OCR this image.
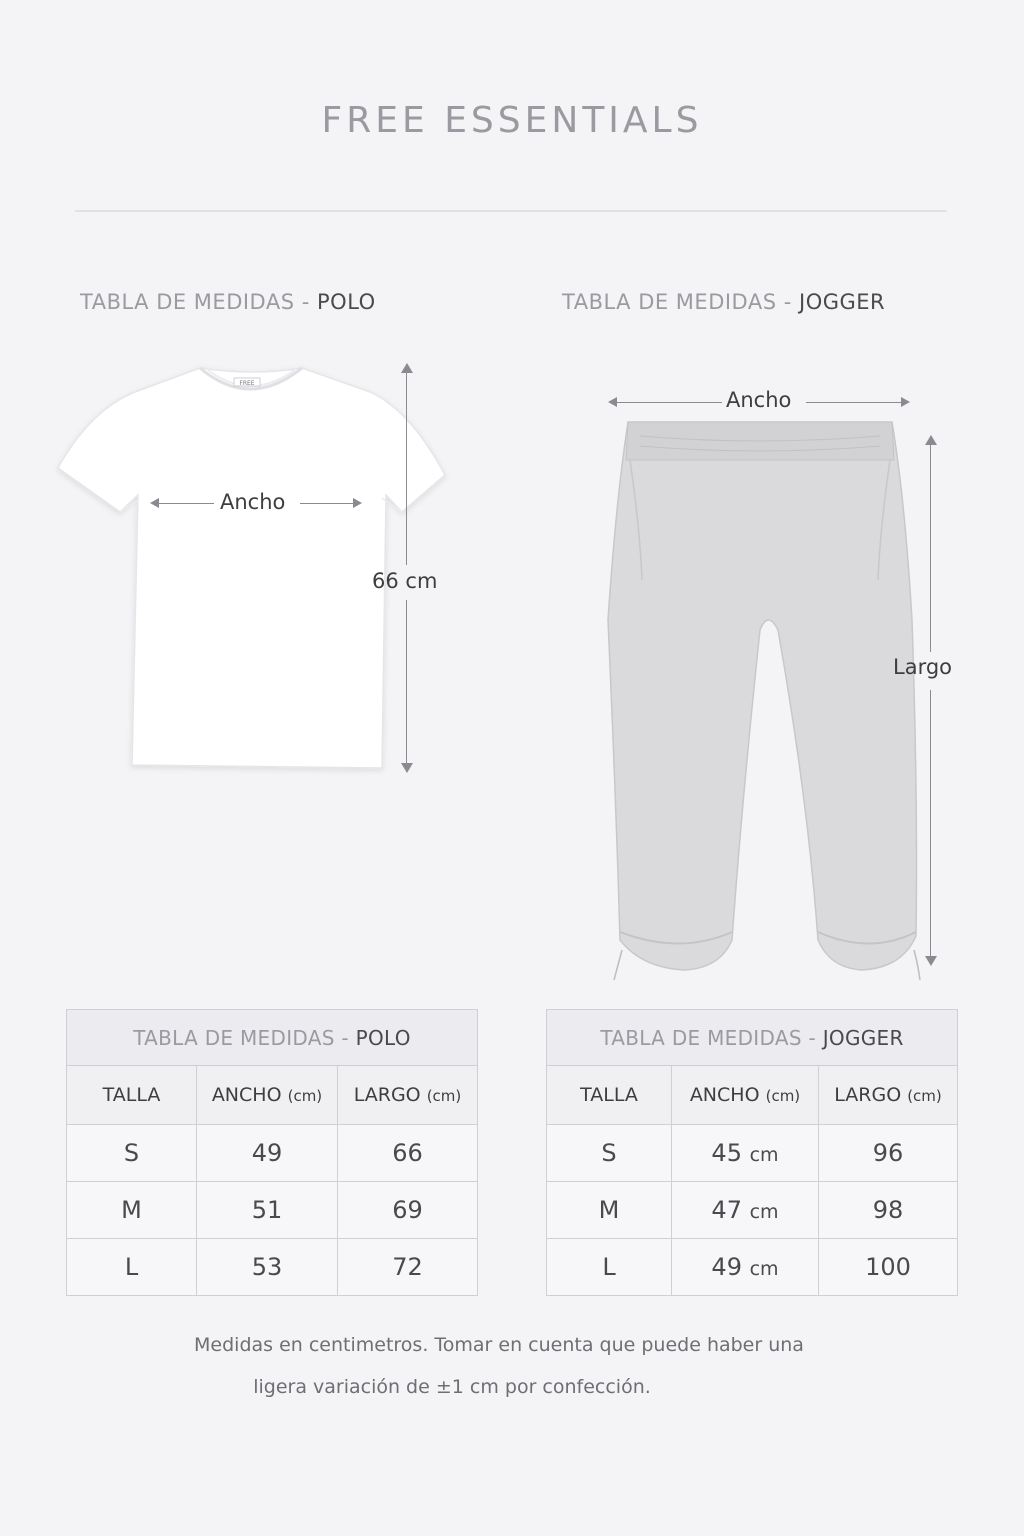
FREE ESSENTIALS
TABLA DE MEDIDAS - POLO	TABLA DE MEDIDAS - JOGGER
FREE
Ancho
66 cm
Ancho
Largo
TABLA DE MEDIDAS - POLO		
TALLA	ANCHO (cm)	LARGO (cm)
S	49	66
M	51	69
L	53	72
TABLA DE MEDIDAS - JOGGER		
TALLA	ANCHO (cm)	LARGO (cm)
S	45 cm	96
M	47 cm	98
L	49 cm	100
Medidas en centimetros. Tomar en cuenta que puede haber una
ligera variación de ±1 cm por confección.
